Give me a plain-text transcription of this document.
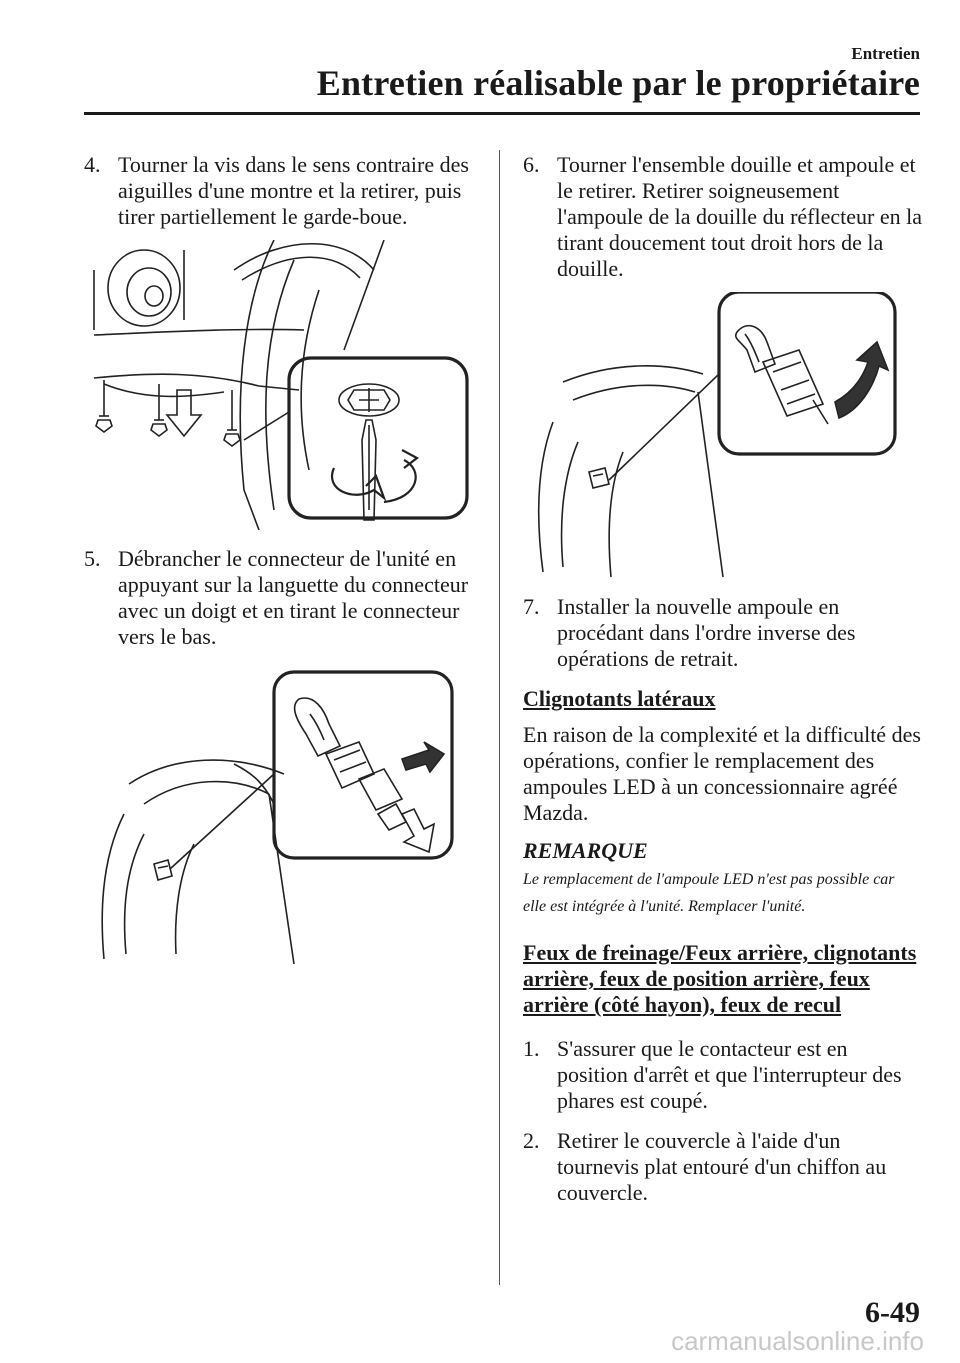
Entretien
Entretien réalisable par le propriétaire
4. Tourner la vis dans le sens contraire des aiguilles d'une montre et la retirer, puis tirer partiellement le garde-boue.
5. Débrancher le connecteur de l'unité en appuyant sur la languette du connecteur avec un doigt et en tirant le connecteur vers le bas.
6. Tourner l'ensemble douille et ampoule et le retirer. Retirer soigneusement l'ampoule de la douille du réflecteur en la tirant doucement tout droit hors de la douille.
7. Installer la nouvelle ampoule en procédant dans l'ordre inverse des opérations de retrait.
Clignotants latéraux
En raison de la complexité et la difficulté des opérations, confier le remplacement des ampoules LED à un concessionnaire agréé Mazda.
REMARQUE
Le remplacement de l'ampoule LED n'est pas possible car elle est intégrée à l'unité. Remplacer l'unité.
Feux de freinage/Feux arrière, clignotants arrière, feux de position arrière, feux arrière (côté hayon), feux de recul
1. S'assurer que le contacteur est en position d'arrêt et que l'interrupteur des phares est coupé.
2. Retirer le couvercle à l'aide d'un tournevis plat entouré d'un chiffon au couvercle.
6-49
carmanualsonline.info
